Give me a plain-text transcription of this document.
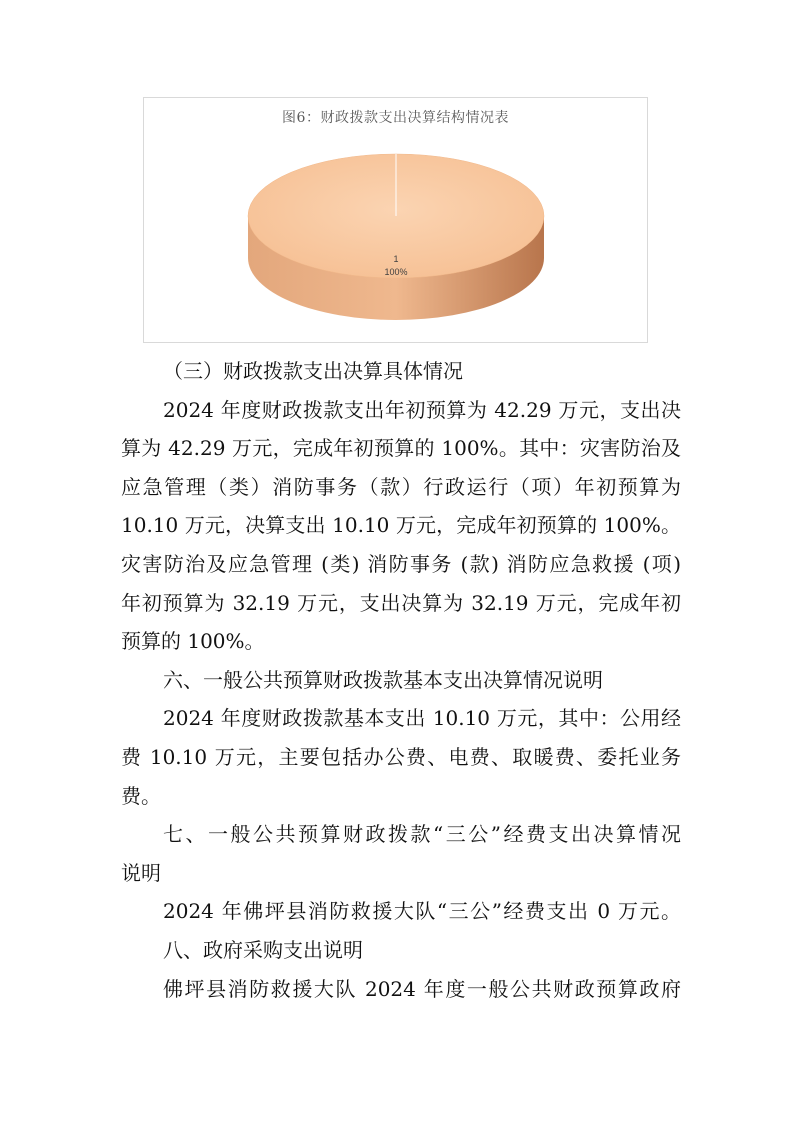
图6：财政拨款支出决算结构情况表
1
100%
（三）财政拨款支出决算具体情况
2024 年度财政拨款支出年初预算为 42.29 万元，支出决
算为 42.29 万元，完成年初预算的 100%。其中：灾害防治及
应急管理（类）消防事务（款）行政运行（项）年初预算为
10.10 万元，决算支出 10.10 万元，完成年初预算的 100%。
灾害防治及应急管理 (类) 消防事务 (款) 消防应急救援 (项)
年初预算为 32.19 万元，支出决算为 32.19 万元，完成年初
预算的 100%。
六、一般公共预算财政拨款基本支出决算情况说明
2024 年度财政拨款基本支出 10.10 万元，其中：公用经
费 10.10 万元，主要包括办公费、电费、取暖费、委托业务
费。
七、一般公共预算财政拨款“三公”经费支出决算情况
说明
2024 年佛坪县消防救援大队“三公”经费支出 0 万元。
八、政府采购支出说明
佛坪县消防救援大队 2024 年度一般公共财政预算政府
